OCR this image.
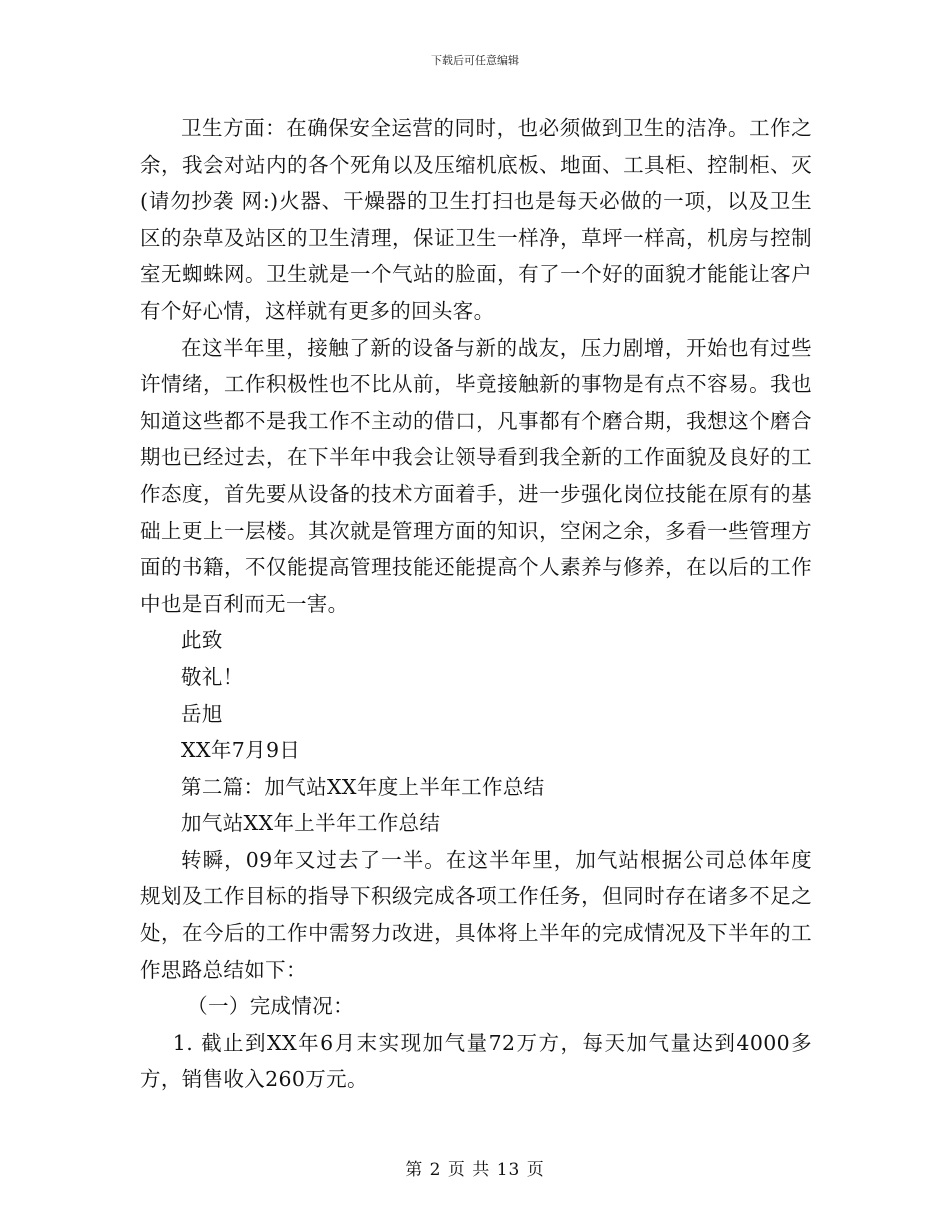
下载后可任意编辑

卫生方面：在确保安全运营的同时，也必须做到卫生的洁净。工作之余，我会对站内的各个死角以及压缩机底板、地面、工具柜、控制柜、灭(请勿抄袭 网:)火器、干燥器的卫生打扫也是每天必做的一项，以及卫生区的杂草及站区的卫生清理，保证卫生一样净，草坪一样高，机房与控制室无蜘蛛网。卫生就是一个气站的脸面，有了一个好的面貌才能能让客户有个好心情，这样就有更多的回头客。

在这半年里，接触了新的设备与新的战友，压力剧增，开始也有过些许情绪，工作积极性也不比从前，毕竟接触新的事物是有点不容易。我也知道这些都不是我工作不主动的借口，凡事都有个磨合期，我想这个磨合期也已经过去，在下半年中我会让领导看到我全新的工作面貌及良好的工作态度，首先要从设备的技术方面着手，进一步强化岗位技能在原有的基础上更上一层楼。其次就是管理方面的知识，空闲之余，多看一些管理方面的书籍，不仅能提高管理技能还能提高个人素养与修养，在以后的工作中也是百利而无一害。

此致

敬礼！

岳旭

XX年7月9日

第二篇：加气站XX年度上半年工作总结

加气站XX年上半年工作总结

转瞬，09年又过去了一半。在这半年里，加气站根据公司总体年度规划及工作目标的指导下积级完成各项工作任务，但同时存在诸多不足之处，在今后的工作中需努力改进，具体将上半年的完成情况及下半年的工作思路总结如下：

（一）完成情况：

1. 截止到XX年6月末实现加气量72万方，每天加气量达到4000多方，销售收入260万元。

第 2 页 共 13 页
